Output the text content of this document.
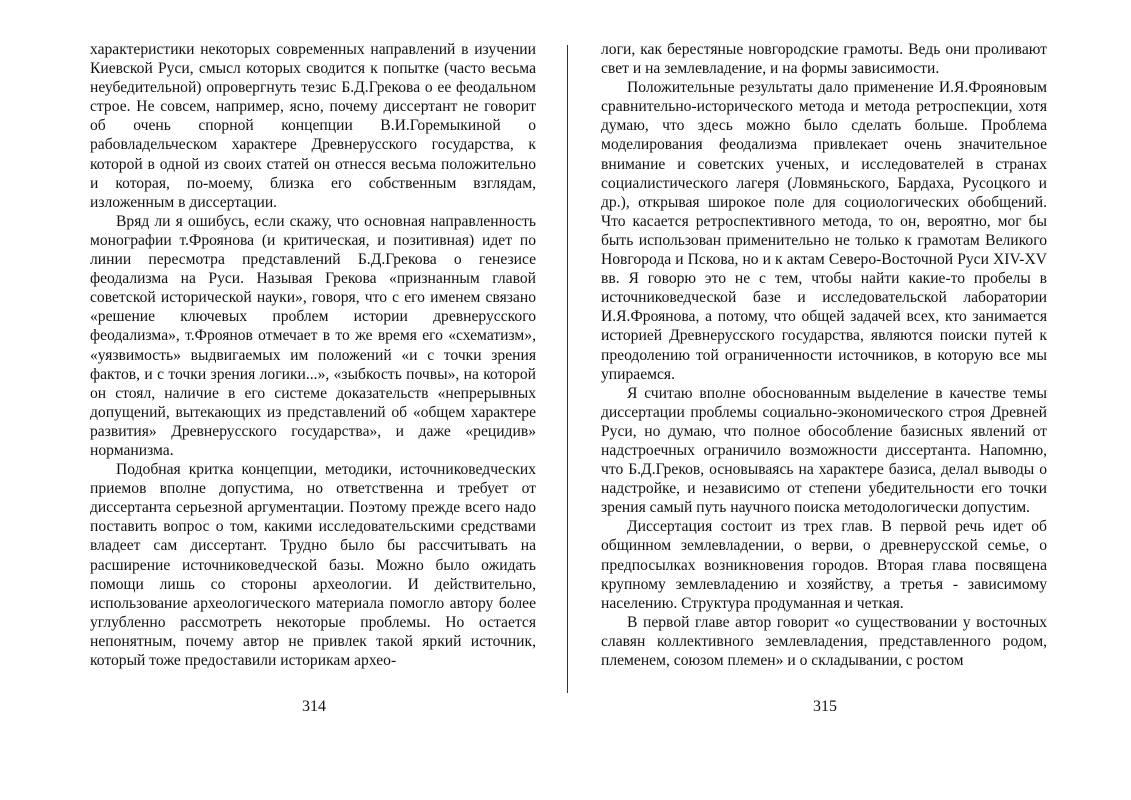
характеристики некоторых современных направлений в изучении Киевской Руси, смысл которых сводится к попытке (часто весьма неубедительной) опровергнуть тезис Б.Д.Грекова о ее феодальном строе. Не совсем, например, ясно, почему диссертант не говорит об очень спорной концепции В.И.Горемыкиной о рабовладельческом характере Древнерусского государства, к которой в одной из своих статей он отнесся весьма положительно и которая, по-моему, близка его собственным взглядам, изложенным в диссертации.

Вряд ли я ошибусь, если скажу, что основная направленность монографии т.Фроянова (и критическая, и позитивная) идет по линии пересмотра представлений Б.Д.Грекова о генезисе феодализма на Руси. Называя Грекова «признанным главой советской исторической науки», говоря, что с его именем связано «решение ключевых проблем истории древнерусского феодализма», т.Фроянов отмечает в то же время его «схематизм», «уязвимость» выдвигаемых им положений «и с точки зрения фактов, и с точки зрения логики...», «зыбкость почвы», на которой он стоял, наличие в его системе доказательств «непрерывных допущений, вытекающих из представлений об «общем характере развития» Древнерусского государства», и даже «рецидив» норманизма.

Подобная критка концепции, методики, источниковедческих приемов вполне допустима, но ответственна и требует от диссертанта серьезной аргументации. Поэтому прежде всего надо поставить вопрос о том, какими исследовательскими средствами владеет сам диссертант. Трудно было бы рассчитывать на расширение источниковедческой базы. Можно было ожидать помощи лишь со стороны археологии. И действительно, использование археологического материала помогло автору более углубленно рассмотреть некоторые проблемы. Но остается непонятным, почему автор не привлек такой яркий источник, который тоже предоставили историкам архео-

логи, как берестяные новгородские грамоты. Ведь они проливают свет и на землевладение, и на формы зависимости.

Положительные результаты дало применение И.Я.Фрояновым сравнительно-исторического метода и метода ретроспекции, хотя думаю, что здесь можно было сделать больше. Проблема моделирования феодализма привлекает очень значительное внимание и советских ученых, и исследователей в странах социалистического лагеря (Ловмяньского, Бардаха, Русоцкого и др.), открывая широкое поле для социологических обобщений. Что касается ретроспективного метода, то он, вероятно, мог бы быть использован применительно не только к грамотам Великого Новгорода и Пскова, но и к актам Северо-Восточной Руси XIV-XV вв. Я говорю это не с тем, чтобы найти какие-то пробелы в источниковедческой базе и исследовательской лаборатории И.Я.Фроянова, а потому, что общей задачей всех, кто занимается историей Древнерусского государства, являются поиски путей к преодолению той ограниченности источников, в которую все мы упираемся.

Я считаю вполне обоснованным выделение в качестве темы диссертации проблемы социально-экономического строя Древней Руси, но думаю, что полное обособление базисных явлений от надстроечных ограничило возможности диссертанта. Напомню, что Б.Д.Греков, основываясь на характере базиса, делал выводы о надстройке, и независимо от степени убедительности его точки зрения самый путь научного поиска методологически допустим.

Диссертация состоит из трех глав. В первой речь идет об общинном землевладении, о верви, о древнерусской семье, о предпосылках возникновения городов. Вторая глава посвящена крупному землевладению и хозяйству, а третья - зависимому населению. Структура продуманная и четкая.

В первой главе автор говорит «о существовании у восточных славян коллективного землевладения, представленного родом, племенем, союзом племен» и о складывании, с ростом

314	315
